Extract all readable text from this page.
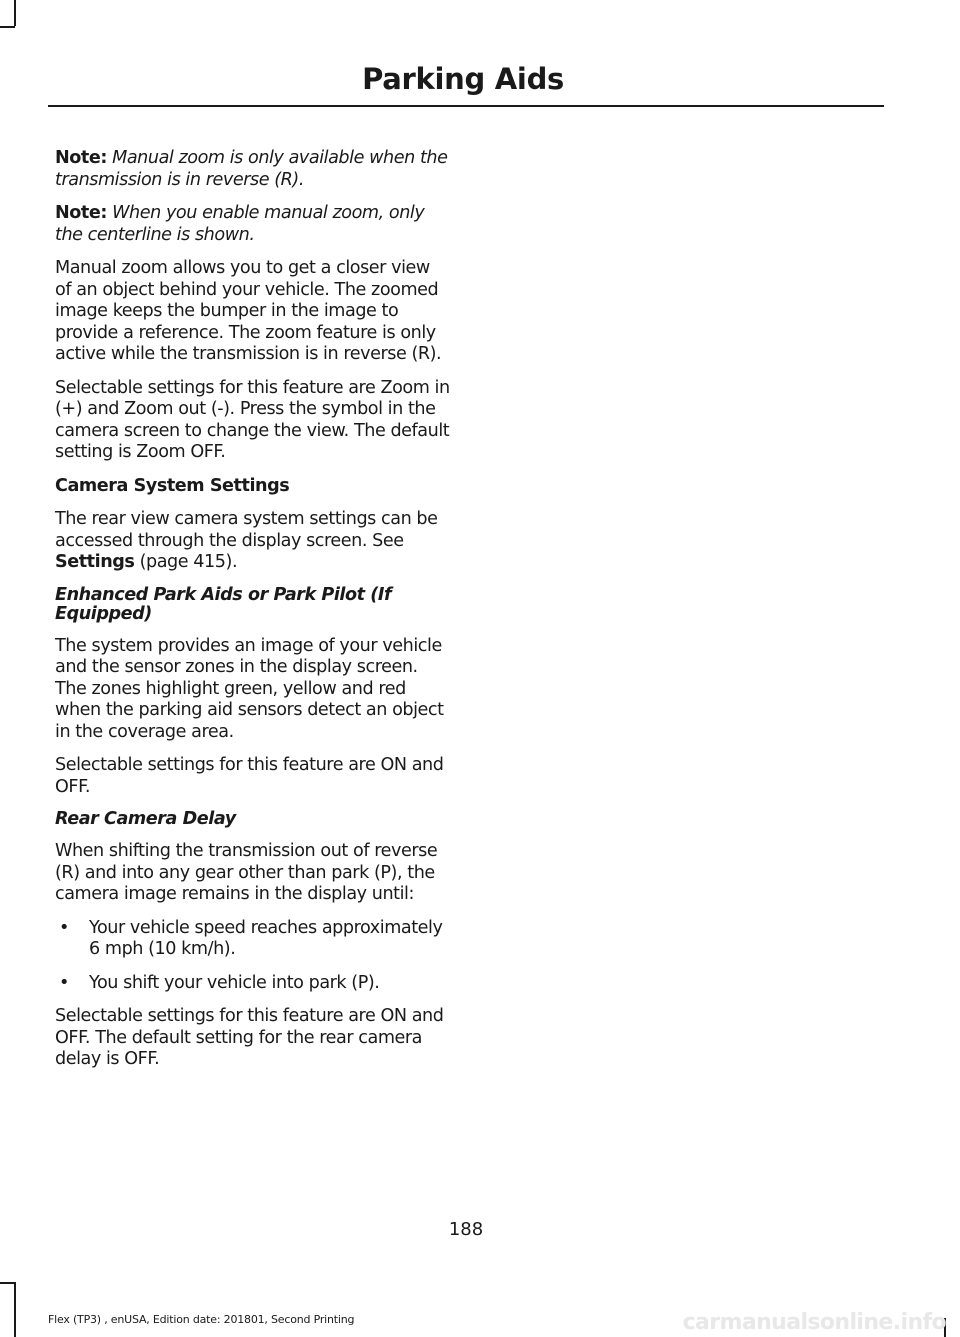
Parking Aids

Note: Manual zoom is only available when the transmission is in reverse (R).

Note: When you enable manual zoom, only the centerline is shown.

Manual zoom allows you to get a closer view of an object behind your vehicle. The zoomed image keeps the bumper in the image to provide a reference. The zoom feature is only active while the transmission is in reverse (R).

Selectable settings for this feature are Zoom in (+) and Zoom out (-). Press the symbol in the camera screen to change the view. The default setting is Zoom OFF.

Camera System Settings

The rear view camera system settings can be accessed through the display screen. See Settings (page 415).

Enhanced Park Aids or Park Pilot (If Equipped)

The system provides an image of your vehicle and the sensor zones in the display screen. The zones highlight green, yellow and red when the parking aid sensors detect an object in the coverage area.

Selectable settings for this feature are ON and OFF.

Rear Camera Delay

When shifting the transmission out of reverse (R) and into any gear other than park (P), the camera image remains in the display until:

• Your vehicle speed reaches approximately 6 mph (10 km/h).
• You shift your vehicle into park (P).

Selectable settings for this feature are ON and OFF. The default setting for the rear camera delay is OFF.

188
Flex (TP3) , enUSA, Edition date: 201801, Second Printing	carmanualsonline.info
